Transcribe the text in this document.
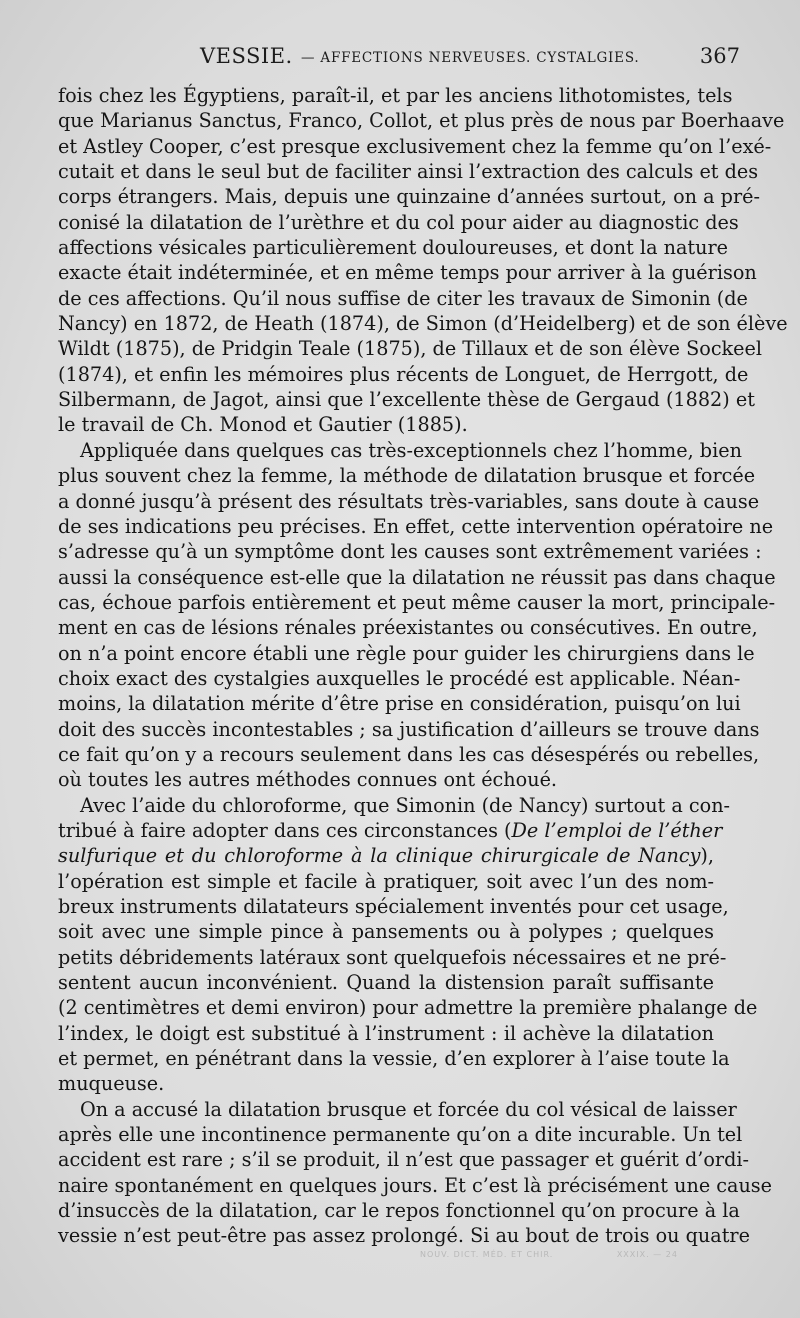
VESSIE. — AFFECTIONS NERVEUSES. CYSTALGIES.	367
fois chez les Égyptiens, paraît-il, et par les anciens lithotomistes, tels
que Marianus Sanctus, Franco, Collot, et plus près de nous par Boerhaave
et Astley Cooper, c’est presque exclusivement chez la femme qu’on l’exé-
cutait et dans le seul but de faciliter ainsi l’extraction des calculs et des
corps étrangers. Mais, depuis une quinzaine d’années surtout, on a pré-
conisé la dilatation de l’urèthre et du col pour aider au diagnostic des
affections vésicales particulièrement douloureuses, et dont la nature
exacte était indéterminée, et en même temps pour arriver à la guérison
de ces affections. Qu’il nous suffise de citer les travaux de Simonin (de
Nancy) en 1872, de Heath (1874), de Simon (d’Heidelberg) et de son élève
Wildt (1875), de Pridgin Teale (1875), de Tillaux et de son élève Sockeel
(1874), et enfin les mémoires plus récents de Longuet, de Herrgott, de
Silbermann, de Jagot, ainsi que l’excellente thèse de Gergaud (1882) et
le travail de Ch. Monod et Gautier (1885).
Appliquée dans quelques cas très-exceptionnels chez l’homme, bien
plus souvent chez la femme, la méthode de dilatation brusque et forcée
a donné jusqu’à présent des résultats très-variables, sans doute à cause
de ses indications peu précises. En effet, cette intervention opératoire ne
s’adresse qu’à un symptôme dont les causes sont extrêmement variées :
aussi la conséquence est-elle que la dilatation ne réussit pas dans chaque
cas, échoue parfois entièrement et peut même causer la mort, principale-
ment en cas de lésions rénales préexistantes ou consécutives. En outre,
on n’a point encore établi une règle pour guider les chirurgiens dans le
choix exact des cystalgies auxquelles le procédé est applicable. Néan-
moins, la dilatation mérite d’être prise en considération, puisqu’on lui
doit des succès incontestables ; sa justification d’ailleurs se trouve dans
ce fait qu’on y a recours seulement dans les cas désespérés ou rebelles,
où toutes les autres méthodes connues ont échoué.
Avec l’aide du chloroforme, que Simonin (de Nancy) surtout a con-
tribué à faire adopter dans ces circonstances (De l’emploi de l’éther
sulfurique et du chloroforme à la clinique chirurgicale de Nancy),
l’opération est simple et facile à pratiquer, soit avec l’un des nom-
breux instruments dilatateurs spécialement inventés pour cet usage,
soit avec une simple pince à pansements ou à polypes ; quelques
petits débridements latéraux sont quelquefois nécessaires et ne pré-
sentent aucun inconvénient. Quand la distension paraît suffisante
(2 centimètres et demi environ) pour admettre la première phalange de
l’index, le doigt est substitué à l’instrument : il achève la dilatation
et permet, en pénétrant dans la vessie, d’en explorer à l’aise toute la
muqueuse.
On a accusé la dilatation brusque et forcée du col vésical de laisser
après elle une incontinence permanente qu’on a dite incurable. Un tel
accident est rare ; s’il se produit, il n’est que passager et guérit d’ordi-
naire spontanément en quelques jours. Et c’est là précisément une cause
d’insuccès de la dilatation, car le repos fonctionnel qu’on procure à la
vessie n’est peut-être pas assez prolongé. Si au bout de trois ou quatre
NOUV. DICT. MÉD. ET CHIR.	XXXIX. — 24
